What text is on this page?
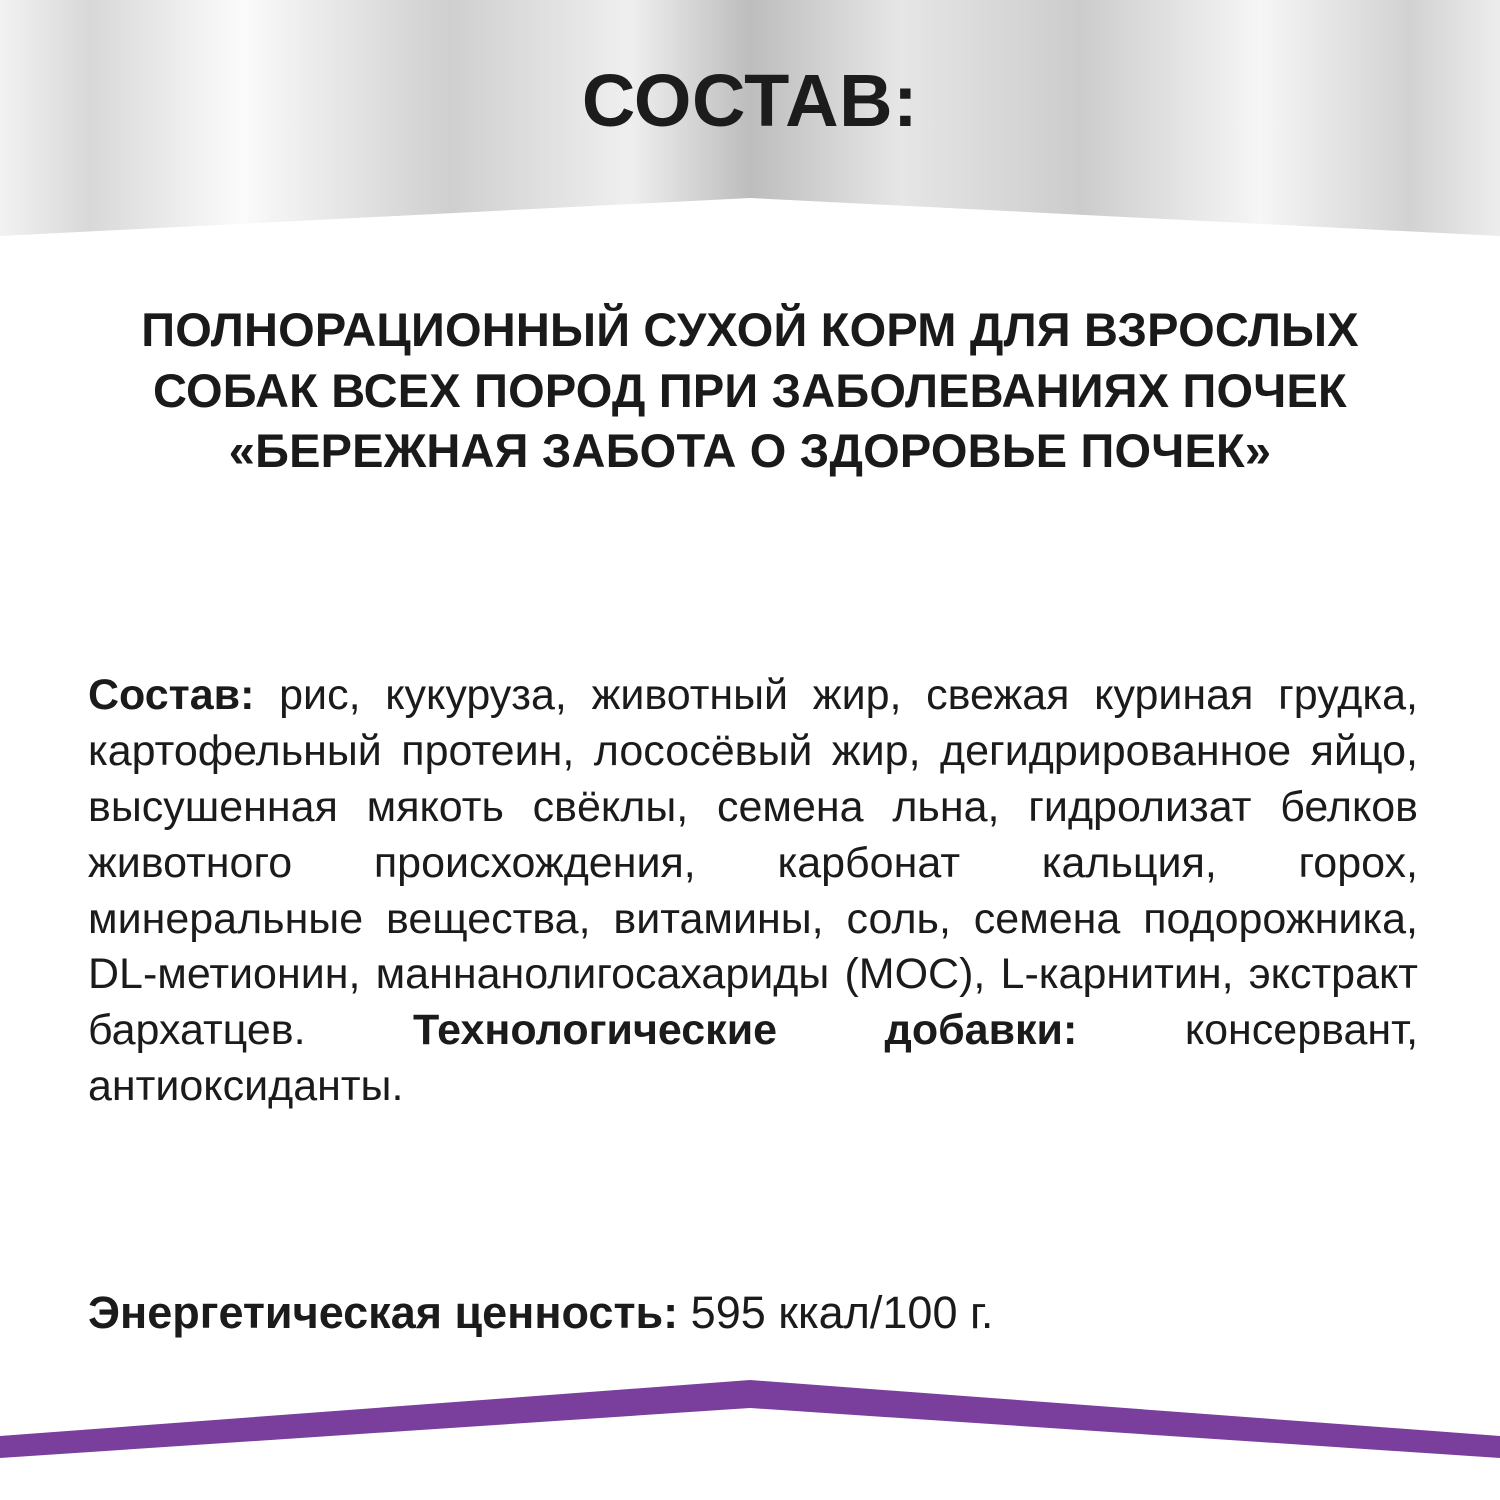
СОСТАВ:
ПОЛНОРАЦИОННЫЙ СУХОЙ КОРМ ДЛЯ ВЗРОСЛЫХ
СОБАК ВСЕХ ПОРОД ПРИ ЗАБОЛЕВАНИЯХ ПОЧЕК
«БЕРЕЖНАЯ ЗАБОТА О ЗДОРОВЬЕ ПОЧЕК»

Состав: рис, кукуруза, животный жир, свежая куриная грудка, картофельный протеин, лососёвый жир, дегидрированное яйцо, высушенная мякоть свёклы, семена льна, гидролизат белков животного происхождения, карбонат кальция, горох, минеральные вещества, витамины, соль, семена подорожника, DL-метионин, маннанолигосахариды (МОС), L-карнитин, экстракт бархатцев.	Технологические добавки:	консервант, антиоксиданты.

Энергетическая ценность: 595 ккал/100 г.
